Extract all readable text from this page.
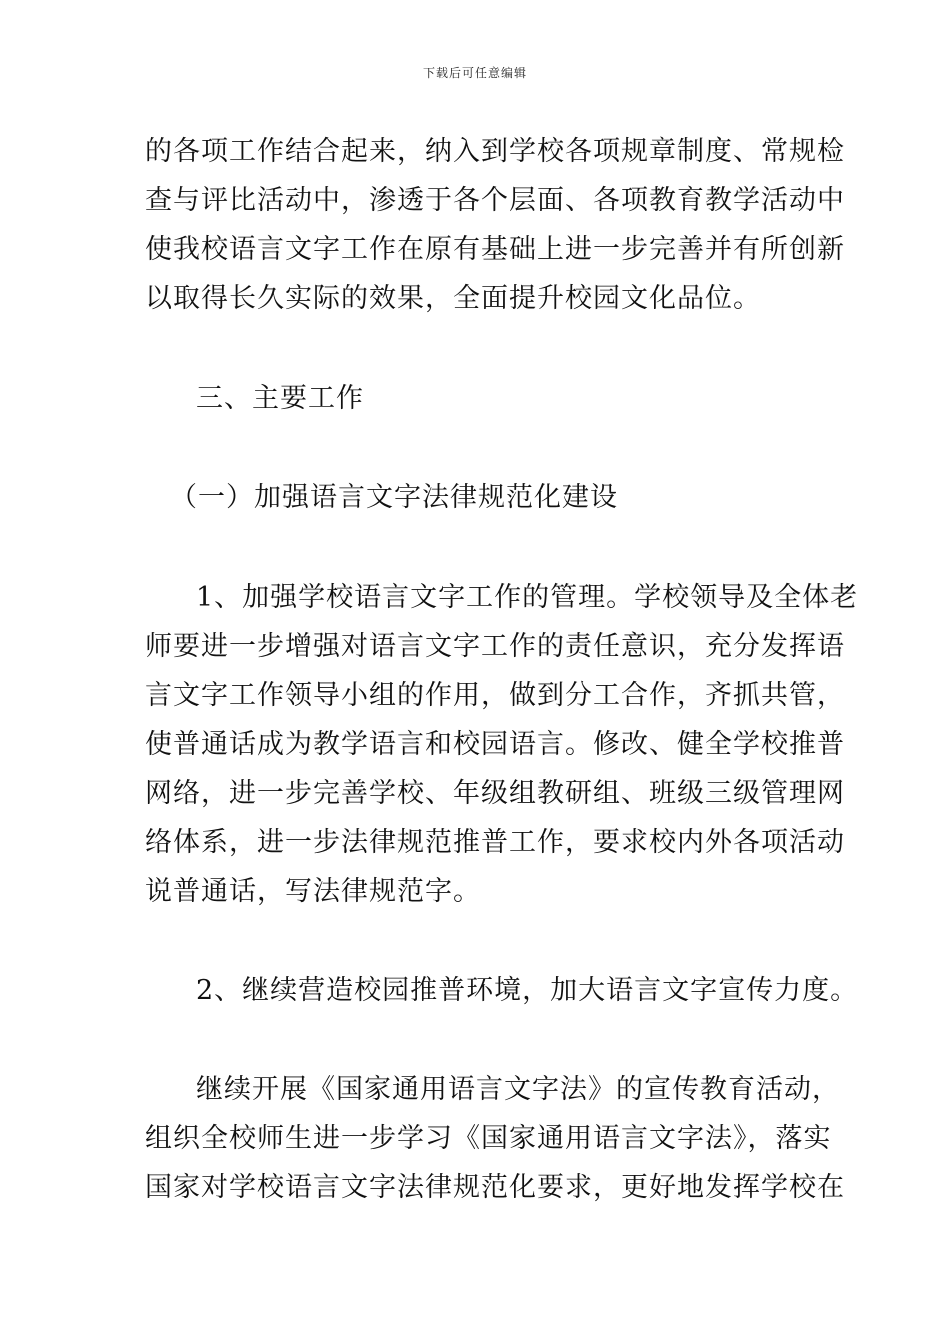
下载后可任意编辑
的各项工作结合起来，纳入到学校各项规章制度、常规检
查与评比活动中，渗透于各个层面、各项教育教学活动中
使我校语言文字工作在原有基础上进一步完善并有所创新
以取得长久实际的效果，全面提升校园文化品位。
三、主要工作
（一）加强语言文字法律规范化建设
1、加强学校语言文字工作的管理。学校领导及全体老
师要进一步增强对语言文字工作的责任意识，充分发挥语
言文字工作领导小组的作用，做到分工合作，齐抓共管，
使普通话成为教学语言和校园语言。修改、健全学校推普
网络，进一步完善学校、年级组教研组、班级三级管理网
络体系，进一步法律规范推普工作，要求校内外各项活动
说普通话，写法律规范字。
2、继续营造校园推普环境，加大语言文字宣传力度。
继续开展《国家通用语言文字法》的宣传教育活动，
组织全校师生进一步学习《国家通用语言文字法》，落实
国家对学校语言文字法律规范化要求，更好地发挥学校在
